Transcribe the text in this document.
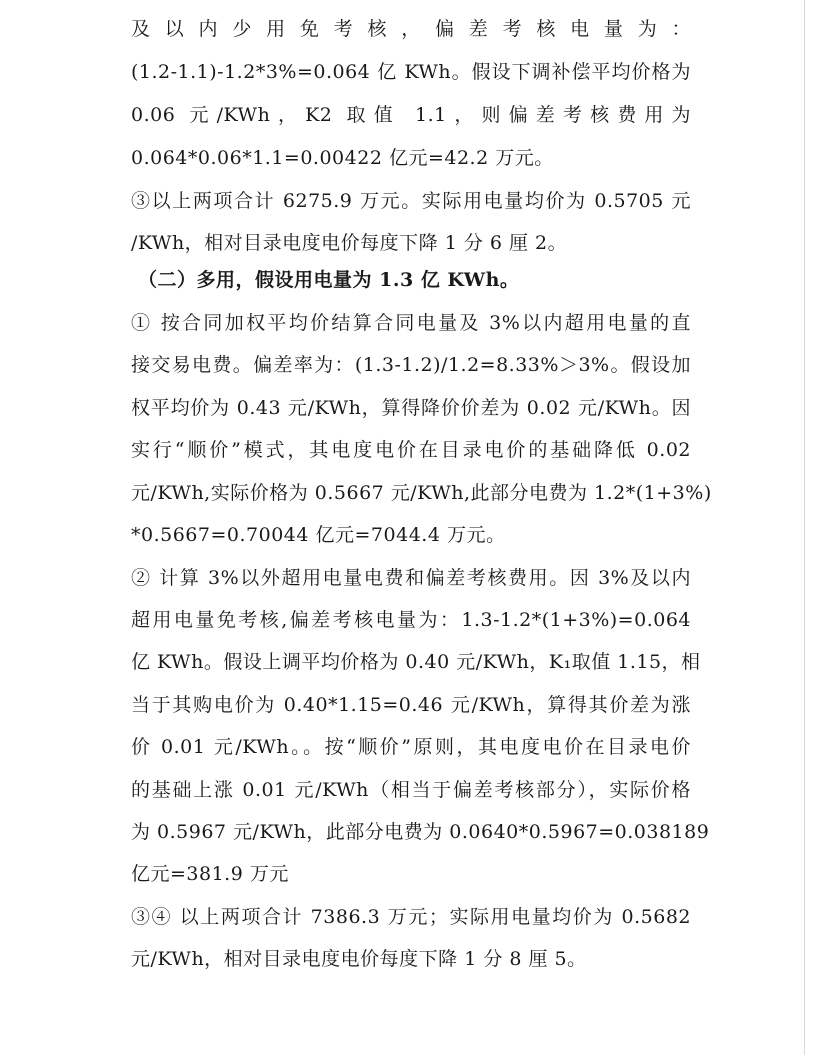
及以内少用免考核，偏差考核电量为：
(1.2-1.1)-1.2*3%=0.064 亿 KWh。假设下调补偿平均价格为
0.06 元/KWh，K2 取值 1.1，则偏差考核费用为
0.064*0.06*1.1=0.00422 亿元=42.2 万元。
③以上两项合计 6275.9 万元。实际用电量均价为 0.5705 元
/KWh，相对目录电度电价每度下降 1 分 6 厘 2。
（二）多用，假设用电量为 1.3 亿 KWh。
① 按合同加权平均价结算合同电量及 3%以内超用电量的直
接交易电费。偏差率为：(1.3-1.2)/1.2=8.33%＞3%。假设加
权平均价为 0.43 元/KWh，算得降价价差为 0.02 元/KWh。因
实行“顺价”模式，其电度电价在目录电价的基础降低 0.02
元/KWh,实际价格为 0.5667 元/KWh,此部分电费为 1.2*(1+3%)
*0.5667=0.70044 亿元=7044.4 万元。
② 计算 3%以外超用电量电费和偏差考核费用。因 3%及以内
超用电量免考核,偏差考核电量为：1.3-1.2*(1+3%)=0.064
亿 KWh。假设上调平均价格为 0.40 元/KWh，K₁取值 1.15，相
当于其购电价为 0.40*1.15=0.46 元/KWh，算得其价差为涨
价 0.01 元/KWh。。按“顺价”原则，其电度电价在目录电价
的基础上涨 0.01 元/KWh（相当于偏差考核部分），实际价格
为 0.5967 元/KWh，此部分电费为 0.0640*0.5967=0.038189
亿元=381.9 万元
③④ 以上两项合计 7386.3 万元；实际用电量均价为 0.5682
元/KWh，相对目录电度电价每度下降 1 分 8 厘 5。
